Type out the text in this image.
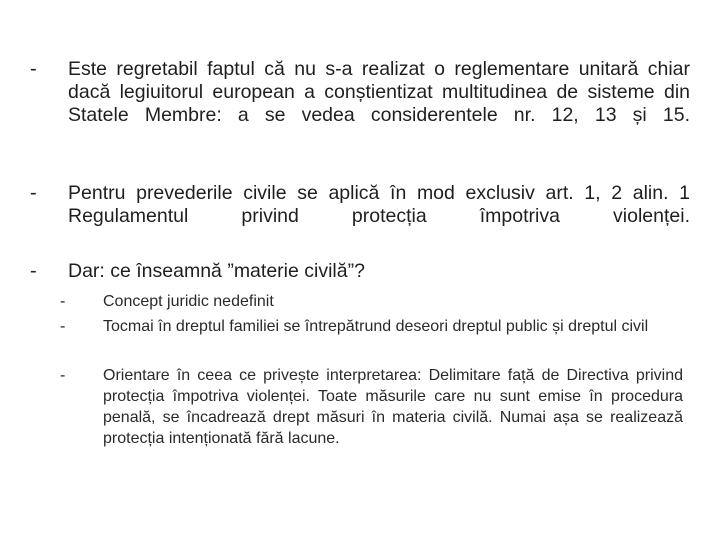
-	Este regretabil faptul că nu s-a realizat o reglementare unitară chiar dacă legiuitorul european a conștientizat multitudinea de sisteme din Statele Membre: a se vedea considerentele nr. 12, 13 și 15.
-	Pentru prevederile civile se aplică în mod exclusiv art. 1, 2 alin. 1 Regulamentul privind protecția împotriva violenței.
-	Dar: ce înseamnă ”materie civilă”?
-	Concept juridic nedefinit
-	Tocmai în dreptul familiei se întrepătrund deseori dreptul public și dreptul civil
-	Orientare în ceea ce privește interpretarea: Delimitare față de Directiva privind protecția împotriva violenței. Toate măsurile care nu sunt emise în procedura penală, se încadrează drept măsuri în materia civilă. Numai așa se realizează protecția intenționată fără lacune.
